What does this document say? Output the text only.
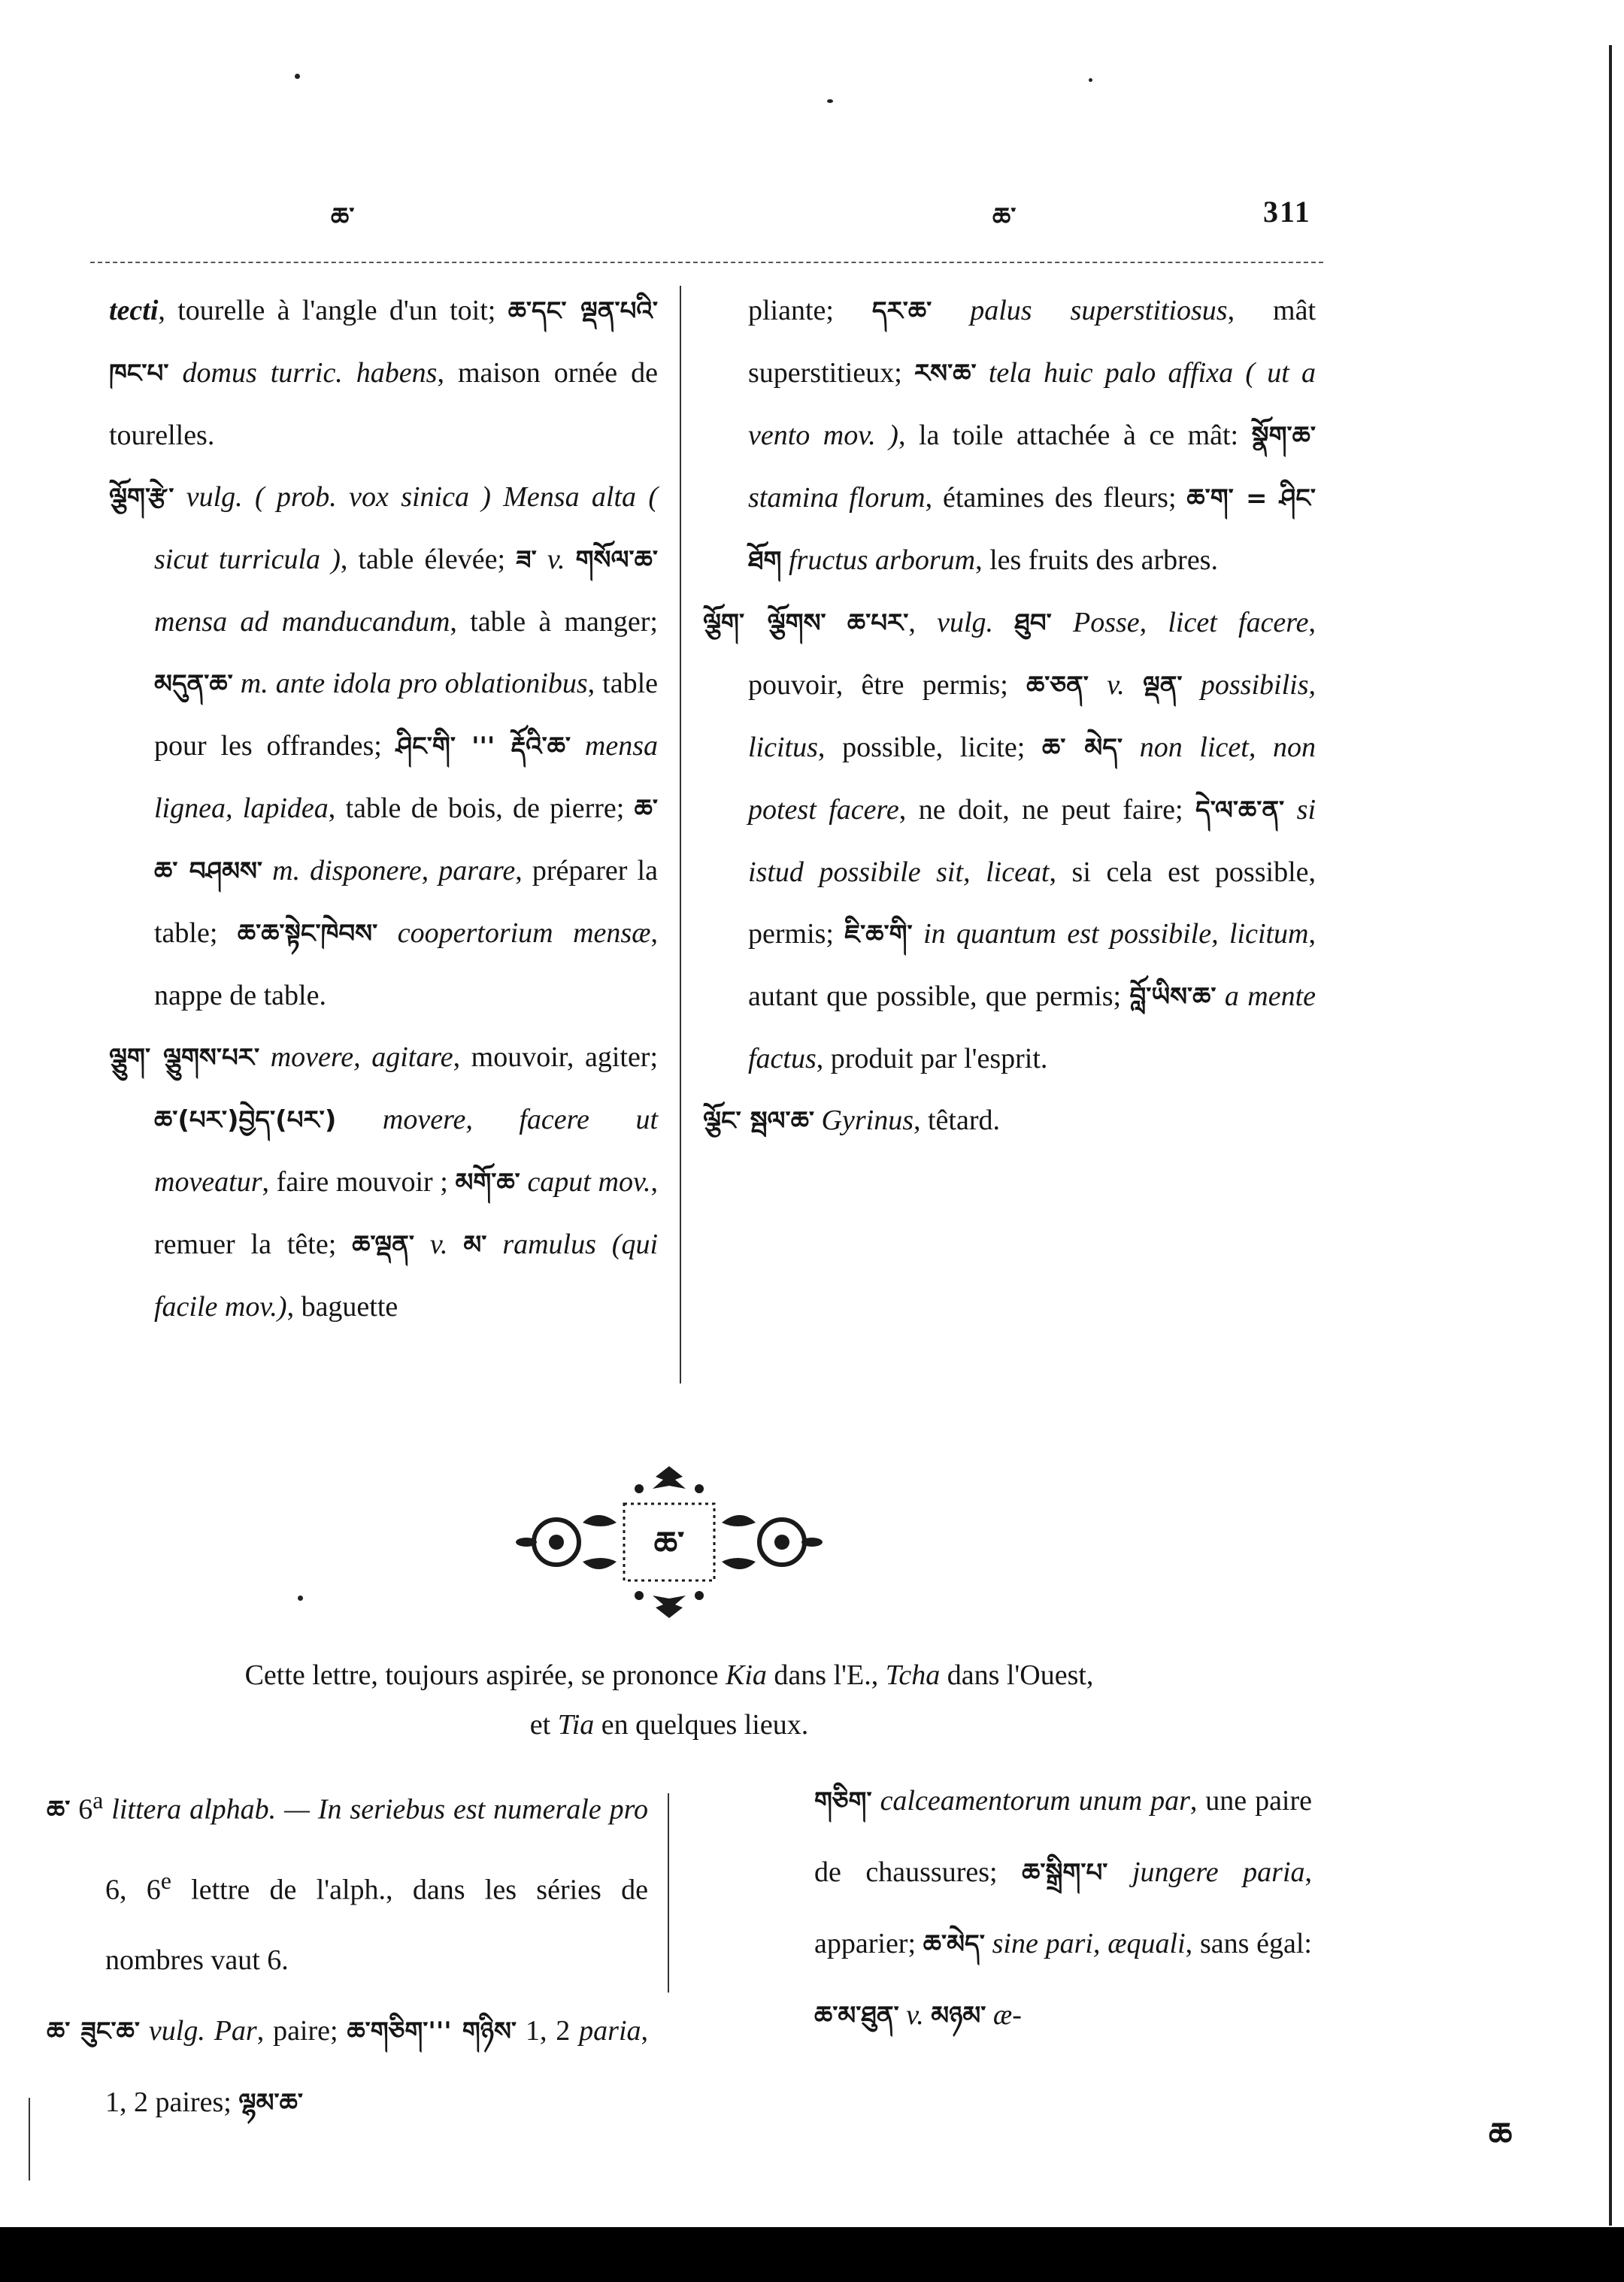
ཆ་	ཆ་	311

tecti, tourelle à l'angle d'un toit; ཆ་དང་ ལྡན་པའི་ཁང་པ་ domus turric. habens, maison ornée de tourelles.

ལྕོག་རྩེ་ vulg. ( prob. vox sinica ) Mensa alta ( sicut turricula ), table élevée; ཟ་ v. གསོལ་ཆ་ mensa ad manducandum, table à manger; མདུན་ཆ་ m. ante idola pro oblationibus, table pour les offrandes; ཤིང་གི་ ''' རྡོའི་ཆ་ mensa lignea, lapidea, table de bois, de pierre; ཆ་ཆ་ བཤམས་ m. disponere, parare, préparer la table; ཆ་ཆ་སྟེང་ཁེབས་ coopertorium mensæ, nappe de table.

ལྕུག་ ལྕུགས་པར་ movere, agitare, mouvoir, agiter; ཆ་(པར་)བྱེད་(པར་) movere, facere ut moveatur, faire mouvoir ; མགོ་ཆ་ caput mov., remuer la tête; ཆ་ལྡན་ v. མ་ ramulus (qui facile mov.), baguette

pliante; དར་ཆ་ palus superstitiosus, mât superstitieux; རས་ཆ་ tela huic palo affixa ( ut a vento mov. ), la toile attachée à ce mât: སྣོག་ཆ་ stamina florum, étamines des fleurs; ཆ་ག་ = ཤིང་ཐོག fructus arborum, les fruits des arbres.

ལྕོག་ ལྕོགས་ ཆ་པར་, vulg. ཐུབ་ Posse, licet facere, pouvoir, être permis; ཆ་ཅན་ v. ལྡན་ possibilis, licitus, possible, licite; ཆ་ མེད་ non licet, non potest facere, ne doit, ne peut faire; དེ་ལ་ཆ་ན་ si istud possibile sit, liceat, si cela est possible, permis; ཇི་ཆ་གི་ in quantum est possibile, licitum, autant que possible, que permis; བློ་ཡིས་ཆ་ a mente factus, produit par l'esprit.

ལྕོང་ སྦལ་ཆ་ Gyrinus, têtard.

ཆ་
Cette lettre, toujours aspirée, se prononce Kia dans l'E., Tcha dans l'Ouest,
et Tia en quelques lieux.

ཆ་ 6$^a$ littera alphab. — In seriebus est numerale pro 6, 6e lettre de l'alph., dans les séries de nombres vaut 6.

ཆ་ ཟུང་ཆ་ vulg. Par, paire; ཆ་གཅིག་''' གཉིས་ 1, 2 paria, 1, 2 paires; ལྷམ་ཆ་

གཅིག་ calceamentorum unum par, une paire de chaussures; ཆ་སྒྲིག་པ་ jungere paria, apparier; ཆ་མེད་ sine pari, æquali, sans égal: ཆ་མ་ཐུན་ v. མཉམ་ æ-

ཆ
